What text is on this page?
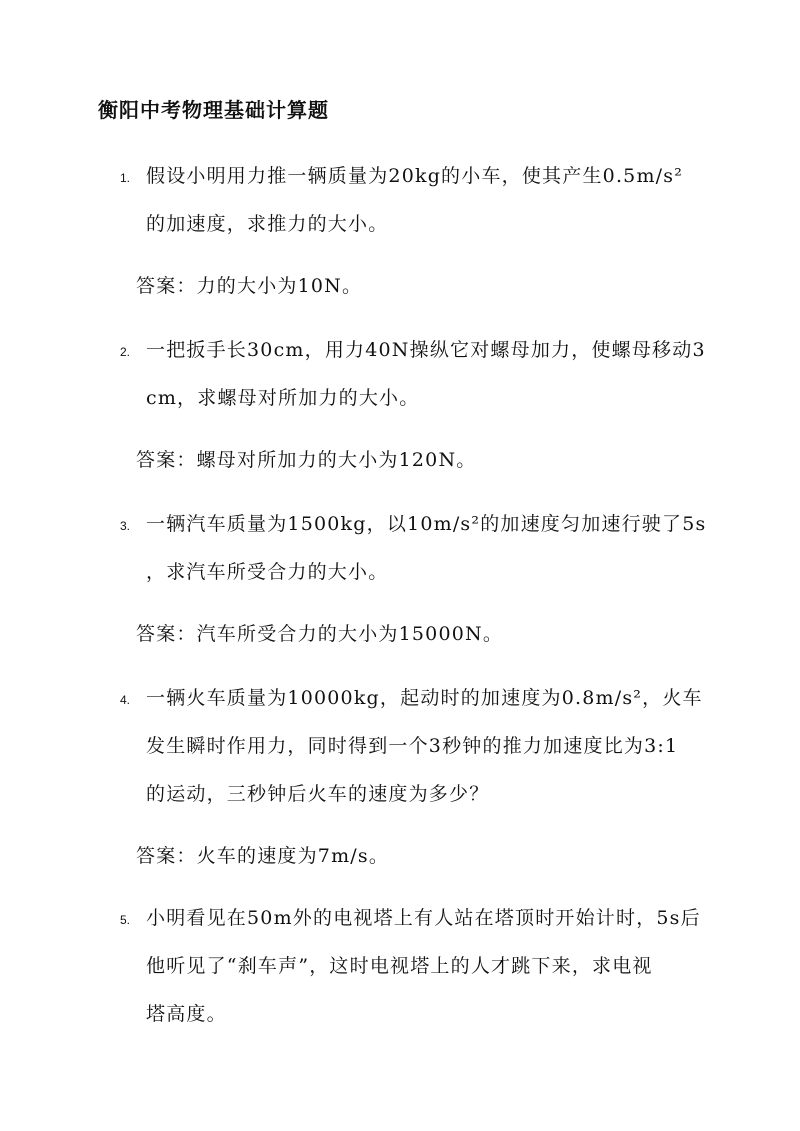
衡阳中考物理基础计算题
1. 假设小明用力推一辆质量为20kg的小车，使其产生0.5m/s²
的加速度，求推力的大小。
答案：力的大小为10N。
2. 一把扳手长30cm，用力40N操纵它对螺母加力，使螺母移动3
cm，求螺母对所加力的大小。
答案：螺母对所加力的大小为120N。
3. 一辆汽车质量为1500kg，以10m/s²的加速度匀加速行驶了5s
，求汽车所受合力的大小。
答案：汽车所受合力的大小为15000N。
4. 一辆火车质量为10000kg，起动时的加速度为0.8m/s²，火车
发生瞬时作用力，同时得到一个3秒钟的推力加速度比为3:1
的运动，三秒钟后火车的速度为多少？
答案：火车的速度为7m/s。
5. 小明看见在50m外的电视塔上有人站在塔顶时开始计时，5s后
他听见了“刹车声”，这时电视塔上的人才跳下来，求电视
塔高度。
